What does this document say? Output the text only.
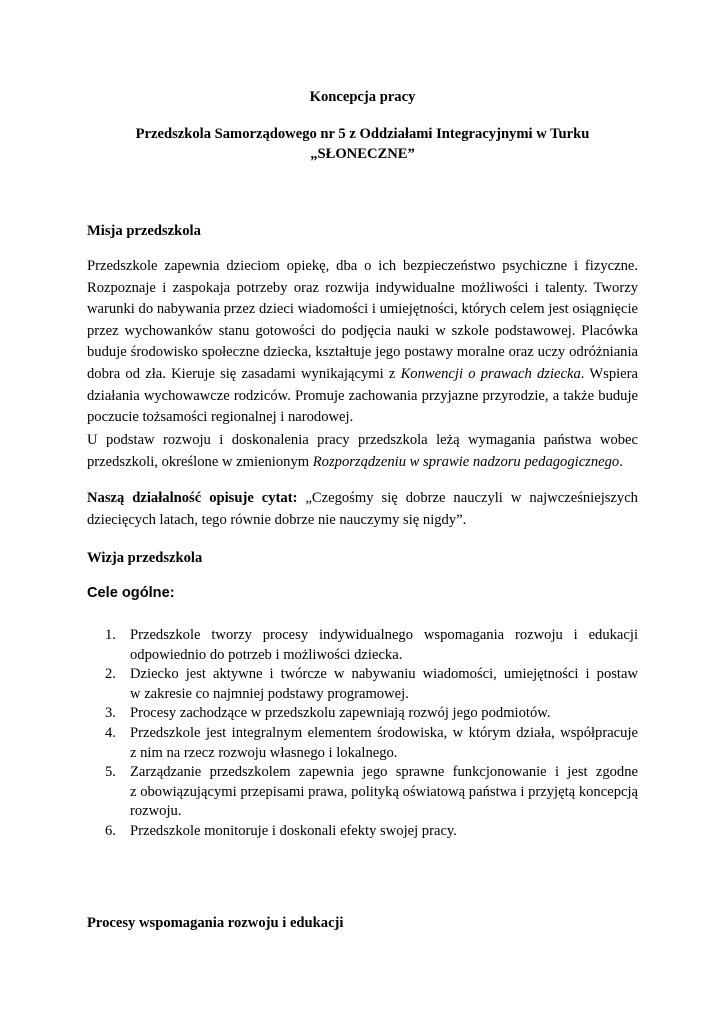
Koncepcja pracy
Przedszkola Samorządowego nr 5 z Oddziałami Integracyjnymi w Turku
„SŁONECZNE”
Misja przedszkola
Przedszkole zapewnia dzieciom opiekę, dba o ich bezpieczeństwo psychiczne i fizyczne.
Rozpoznaje i zaspokaja potrzeby oraz rozwija indywidualne możliwości i talenty. Tworzy
warunki do nabywania przez dzieci wiadomości i umiejętności, których celem jest osiągnięcie
przez wychowanków stanu gotowości do podjęcia nauki w szkole podstawowej. Placówka
buduje środowisko społeczne dziecka, kształtuje jego postawy moralne oraz uczy odróżniania
dobra od zła. Kieruje się zasadami wynikającymi z Konwencji o prawach dziecka. Wspiera
działania wychowawcze rodziców. Promuje zachowania przyjazne przyrodzie, a także buduje
poczucie tożsamości regionalnej i narodowej.
U podstaw rozwoju i doskonalenia pracy przedszkola leżą wymagania państwa wobec
przedszkoli, określone w zmienionym Rozporządzeniu w sprawie nadzoru pedagogicznego.
Naszą działalność opisuje cytat: „Czegośmy się dobrze nauczyli w najwcześniejszych
dziecięcych latach, tego równie dobrze nie nauczymy się nigdy”.
Wizja przedszkola
Cele ogólne:
1. Przedszkole tworzy procesy indywidualnego wspomagania rozwoju i edukacji
odpowiednio do potrzeb i możliwości dziecka.
2. Dziecko jest aktywne i twórcze w nabywaniu wiadomości, umiejętności i postaw
w zakresie co najmniej podstawy programowej.
3. Procesy zachodzące w przedszkolu zapewniają rozwój jego podmiotów.
4. Przedszkole jest integralnym elementem środowiska, w którym działa, współpracuje
z nim na rzecz rozwoju własnego i lokalnego.
5. Zarządzanie przedszkolem zapewnia jego sprawne funkcjonowanie i jest zgodne
z obowiązującymi przepisami prawa, polityką oświatową państwa i przyjętą koncepcją
rozwoju.
6. Przedszkole monitoruje i doskonali efekty swojej pracy.
Procesy wspomagania rozwoju i edukacji
